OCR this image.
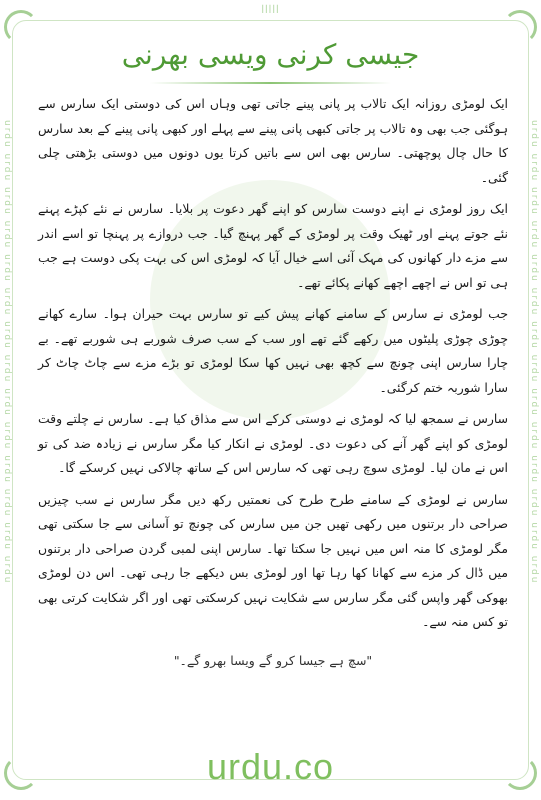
ꟾꟾꟾꟾꟾ
urdu urdu urdu urdu urdu urdu urdu urdu urdu urdu urdu urdu urdu urdu	urdu urdu urdu urdu urdu urdu urdu urdu urdu urdu urdu urdu urdu urdu
جیسی کرنی ویسی بھرنی

ایک لومڑی روزانہ ایک تالاب پر پانی پینے جاتی تھی وہاں اس کی دوستی ایک سارس سے ہوگئی جب بھی وہ تالاب پر جاتی کبھی پانی پینے سے پہلے اور کبھی پانی پینے کے بعد سارس کا حال چال پوچھتی۔ سارس بھی اس سے باتیں کرتا یوں دونوں میں دوستی بڑھتی چلی گئی۔

ایک روز لومڑی نے اپنے دوست سارس کو اپنے گھر دعوت پر بلایا۔ سارس نے نئے کپڑے پہنے نئے جوتے پہنے اور ٹھیک وقت پر لومڑی کے گھر پہنچ گیا۔ جب دروازے پر پہنچا تو اسے اندر سے مزے دار کھانوں کی مہک آئی اسے خیال آیا کہ لومڑی اس کی بہت پکی دوست ہے جب ہی تو اس نے اچھے اچھے کھانے پکائے تھے۔

جب لومڑی نے سارس کے سامنے کھانے پیش کیے تو سارس بہت حیران ہوا۔ سارے کھانے چوڑی چوڑی پلیٹوں میں رکھے گئے تھے اور سب کے سب صرف شوربے ہی شوربے تھے۔ بے چارا سارس اپنی چونچ سے کچھ بھی نہیں کھا سکا لومڑی تو بڑے مزے سے چاٹ چاٹ کر سارا شوربہ ختم کرگئی۔

سارس نے سمجھ لیا کہ لومڑی نے دوستی کرکے اس سے مذاق کیا ہے۔ سارس نے چلتے وقت لومڑی کو اپنے گھر آنے کی دعوت دی۔ لومڑی نے انکار کیا مگر سارس نے زیادہ ضد کی تو اس نے مان لیا۔ لومڑی سوچ رہی تھی کہ سارس اس کے ساتھ چالاکی نہیں کرسکے گا۔

سارس نے لومڑی کے سامنے طرح طرح کی نعمتیں رکھ دیں مگر سارس نے سب چیزیں صراحی دار برتنوں میں رکھی تھیں جن میں سارس کی چونچ تو آسانی سے جا سکتی تھی مگر لومڑی کا منہ اس میں نہیں جا سکتا تھا۔ سارس اپنی لمبی گردن صراحی دار برتنوں میں ڈال کر مزے سے کھانا کھا رہا تھا اور لومڑی بس دیکھے جا رہی تھی۔ اس دن لومڑی بھوکی گھر واپس گئی مگر سارس سے شکایت نہیں کرسکتی تھی اور اگر شکایت کرتی بھی تو کس منہ سے۔

"سچ ہے جیسا کرو گے ویسا بھرو گے۔"
urdu.co
